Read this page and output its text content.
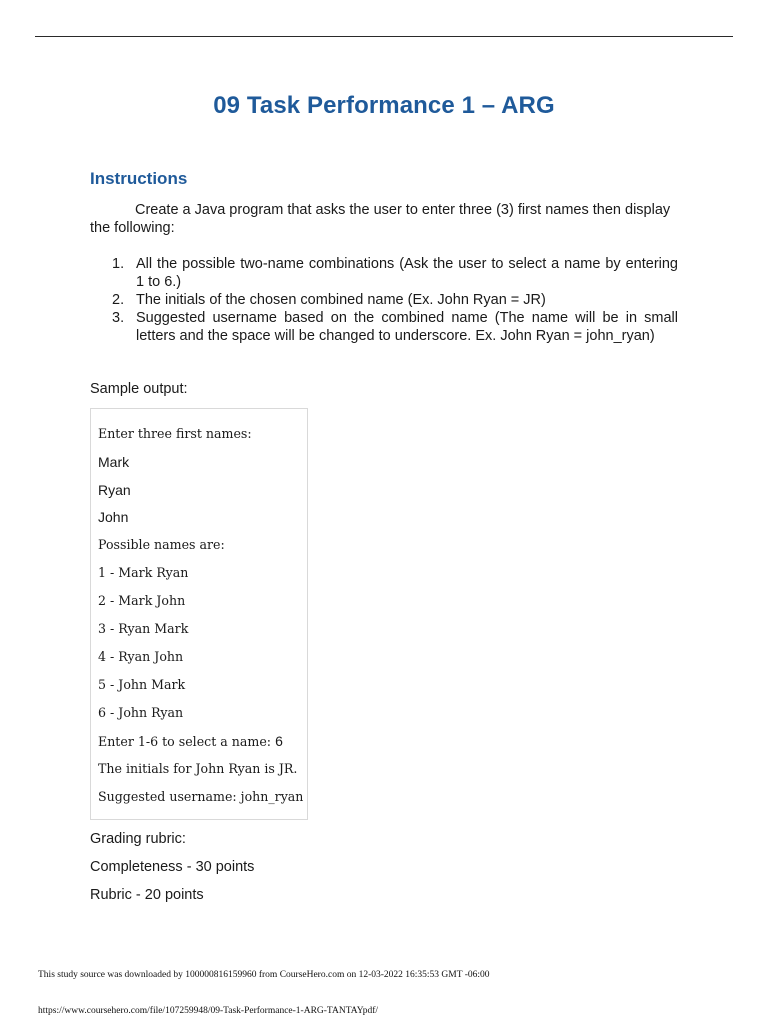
09 Task Performance 1 – ARG
Instructions
Create a Java program that asks the user to enter three (3) first names then display the following:
1. All the possible two-name combinations (Ask the user to select a name by entering 1 to 6.)
2. The initials of the chosen combined name (Ex. John Ryan = JR)
3. Suggested username based on the combined name (The name will be in small letters and the space will be changed to underscore. Ex. John Ryan = john_ryan)
Sample output:
Enter three first names:
Mark
Ryan
John
Possible names are:
1 - Mark Ryan
2 - Mark John
3 - Ryan Mark
4 - Ryan John
5 - John Mark
6 - John Ryan
Enter 1-6 to select a name: 6
The initials for John Ryan is JR.
Suggested username: john_ryan
Grading rubric:
Completeness - 30 points
Rubric - 20 points
This study source was downloaded by 100000816159960 from CourseHero.com on 12-03-2022 16:35:53 GMT -06:00
https://www.coursehero.com/file/107259948/09-Task-Performance-1-ARG-TANTAYpdf/
